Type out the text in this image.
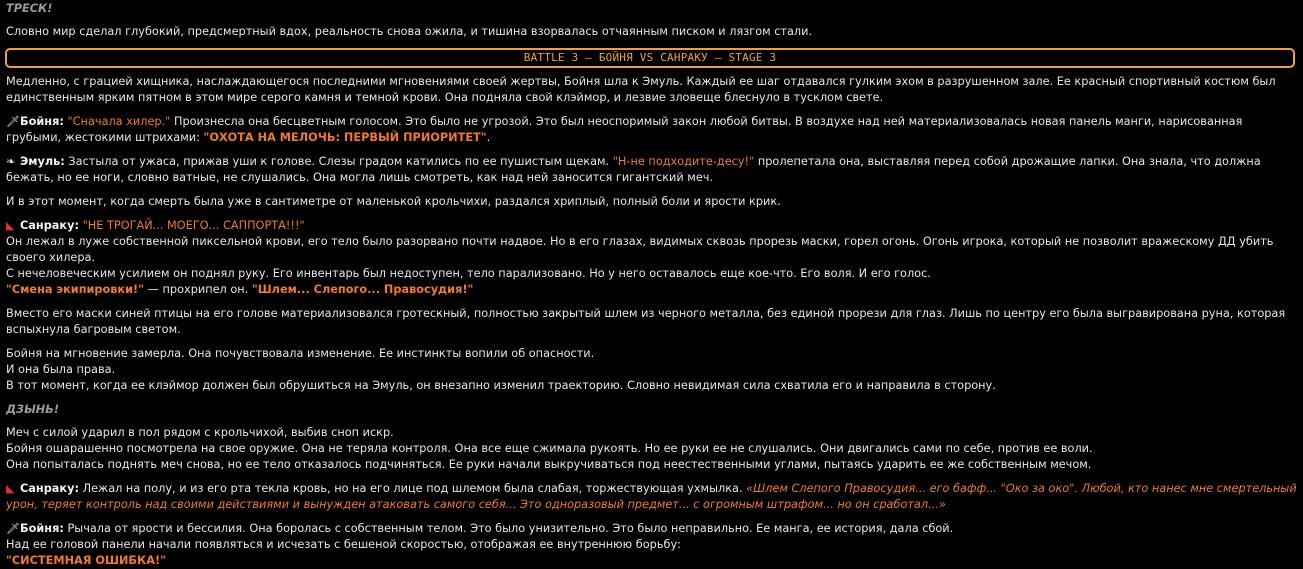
ТРЕСК!

Словно мир сделал глубокий, предсмертный вдох, реальность снова ожила, и тишина взорвалась отчаянным писком и лязгом стали.

BATTLE 3 – БОЙНЯ VS САНРАКУ – STAGE 3

Медленно, с грацией хищника, наслаждающегося последними мгновениями своей жертвы, Бойня шла к Эмуль. Каждый ее шаг отдавался гулким эхом в разрушенном зале. Ее красный спортивный костюм был единственным ярким пятном в этом мире серого камня и темной крови. Она подняла свой клэймор, и лезвие зловеще блеснуло в тусклом свете.

🗡Бойня: "Сначала хилер." Произнесла она бесцветным голосом. Это было не угрозой. Это был неоспоримый закон любой битвы. В воздухе над ней материализовалась новая панель манги, нарисованная грубыми, жестокими штрихами: "ОХОТА НА МЕЛОЧЬ: ПЕРВЫЙ ПРИОРИТЕТ".

❧ Эмуль: Застыла от ужаса, прижав уши к голове. Слезы градом катились по ее пушистым щекам. "Н-не подходите-десу!" пролепетала она, выставляя перед собой дрожащие лапки. Она знала, что должна бежать, но ее ноги, словно ватные, не слушались. Она могла лишь смотреть, как над ней заносится гигантский меч.

И в этот момент, когда смерть была уже в сантиметре от маленькой крольчихи, раздался хриплый, полный боли и ярости крик.

◣ Санраку: "НЕ ТРОГАЙ... МОЕГО... САППОРТА!!!"

Он лежал в луже собственной пиксельной крови, его тело было разорвано почти надвое. Но в его глазах, видимых сквозь прорезь маски, горел огонь. Огонь игрока, который не позволит вражескому ДД убить своего хилера.

С нечеловеческим усилием он поднял руку. Его инвентарь был недоступен, тело парализовано. Но у него оставалось еще кое-что. Его воля. И его голос.

"Смена экипировки!" — прохрипел он. "Шлем... Слепого... Правосудия!"

Вместо его маски синей птицы на его голове материализовался гротескный, полностью закрытый шлем из черного металла, без единой прорези для глаз. Лишь по центру его была выгравирована руна, которая вспыхнула багровым светом.

Бойня на мгновение замерла. Она почувствовала изменение. Ее инстинкты вопили об опасности.

И она была права.

В тот момент, когда ее клэймор должен был обрушиться на Эмуль, он внезапно изменил траекторию. Словно невидимая сила схватила его и направила в сторону.

ДЗЫНЬ!

Меч с силой ударил в пол рядом с крольчихой, выбив сноп искр.

Бойня ошарашенно посмотрела на свое оружие. Она не теряла контроля. Она все еще сжимала рукоять. Но ее руки ее не слушались. Они двигались сами по себе, против ее воли.

Она попыталась поднять меч снова, но ее тело отказалось подчиняться. Ее руки начали выкручиваться под неестественными углами, пытаясь ударить ее же собственным мечом.

◣ Санраку: Лежал на полу, и из его рта текла кровь, но на его лице под шлемом была слабая, торжествующая ухмылка. «Шлем Слепого Правосудия... его бафф... "Око за око". Любой, кто нанес мне смертельный урон, теряет контроль над своими действиями и вынужден атаковать самого себя... Это одноразовый предмет... с огромным штрафом... но он сработал...»

🗡Бойня: Рычала от ярости и бессилия. Она боролась с собственным телом. Это было унизительно. Это было неправильно. Ее манга, ее история, дала сбой.

Над ее головой панели начали появляться и исчезать с бешеной скоростью, отображая ее внутреннюю борьбу:

"СИСТЕМНАЯ ОШИБКА!"
